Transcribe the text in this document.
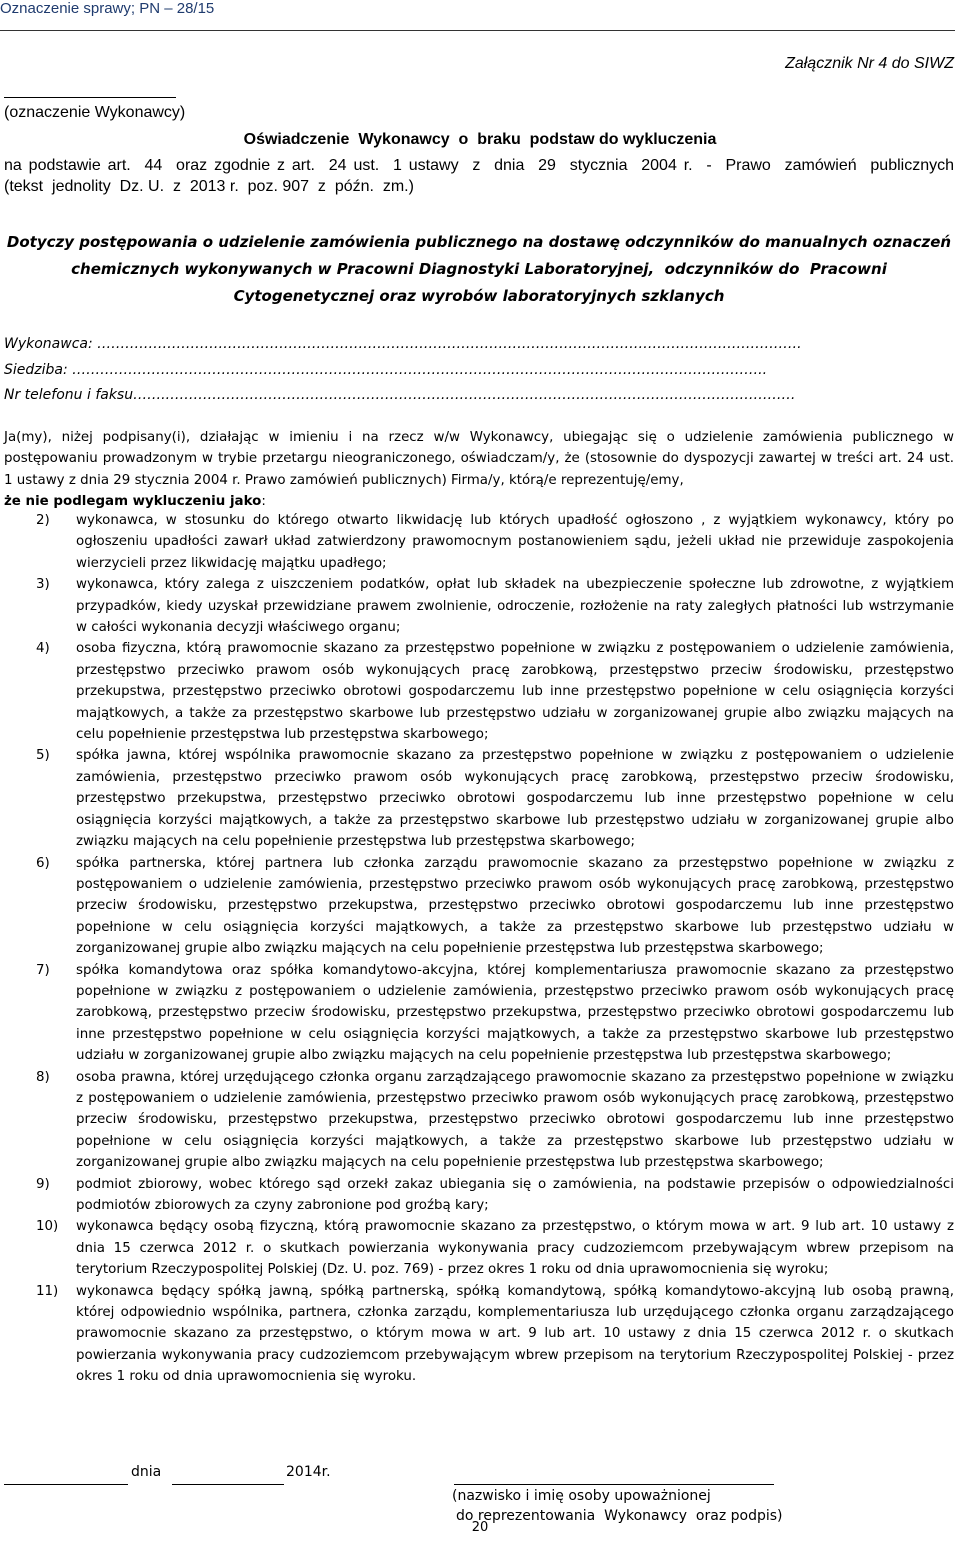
Oznaczenie sprawy; PN – 28/15
Załącznik Nr 4 do SIWZ
(oznaczenie Wykonawcy)
Oświadczenie  Wykonawcy  o  braku  podstaw do wykluczenia
na podstawie art.  44  oraz zgodnie z art.  24 ust.  1 ustawy  z  dnia  29  stycznia  2004 r.  -  Prawo  zamówień  publicznych
(tekst  jednolity  Dz. U.  z  2013 r.  poz. 907  z  późn.  zm.)
Dotyczy postępowania o udzielenie zamówienia publicznego na dostawę odczynników do manualnych oznaczeń
chemicznych wykonywanych w Pracowni Diagnostyki Laboratoryjnej,  odczynników do  Pracowni
Cytogenetycznej oraz wyrobów laboratoryjnych szklanych
Wykonawca: …………………………………………………………………………………………………………………………………….
Siedziba: …………………………………………………………………………………………………………………………………..
Nr telefonu i faksu…….………………………………………………………………………………………………………………………
Ja(my), niżej podpisany(i), działając w imieniu i na rzecz w/w Wykonawcy, ubiegając się o udzielenie zamówienia publicznego w postępowaniu prowadzonym w trybie przetargu nieograniczonego, oświadczam/y, że (stosownie do dyspozycji zawartej w treści art. 24 ust. 1 ustawy z dnia 29 stycznia 2004 r. Prawo zamówień publicznych) Firma/y, którą/e reprezentuję/emy,
że nie podlegam wykluczeniu jako:
2)	wykonawca, w stosunku do którego otwarto likwidację lub których upadłość ogłoszono , z wyjątkiem wykonawcy, który po ogłoszeniu upadłości zawarł układ zatwierdzony prawomocnym postanowieniem sądu, jeżeli układ nie przewiduje zaspokojenia wierzycieli przez likwidację majątku upadłego;
3)	wykonawca, który zalega z uiszczeniem podatków, opłat lub składek na ubezpieczenie społeczne lub zdrowotne, z wyjątkiem przypadków, kiedy uzyskał przewidziane prawem zwolnienie, odroczenie, rozłożenie na raty zaległych płatności lub wstrzymanie w całości wykonania decyzji właściwego organu;
4)	osoba fizyczna, którą prawomocnie skazano za przestępstwo popełnione w związku z postępowaniem o udzielenie zamówienia, przestępstwo przeciwko prawom osób wykonujących pracę zarobkową, przestępstwo przeciw środowisku, przestępstwo przekupstwa, przestępstwo przeciwko obrotowi gospodarczemu lub inne przestępstwo popełnione w celu osiągnięcia korzyści majątkowych, a także za przestępstwo skarbowe lub przestępstwo udziału w zorganizowanej grupie albo związku mających na celu popełnienie przestępstwa lub przestępstwa skarbowego;
5)	spółka jawna, której wspólnika prawomocnie skazano za przestępstwo popełnione w związku z postępowaniem o udzielenie zamówienia, przestępstwo przeciwko prawom osób wykonujących pracę zarobkową, przestępstwo przeciw środowisku, przestępstwo przekupstwa, przestępstwo przeciwko obrotowi gospodarczemu lub inne przestępstwo popełnione w celu osiągnięcia korzyści majątkowych, a także za przestępstwo skarbowe lub przestępstwo udziału w zorganizowanej grupie albo związku mających na celu popełnienie przestępstwa lub przestępstwa skarbowego;
6)	spółka partnerska, której partnera lub członka zarządu prawomocnie skazano za przestępstwo popełnione w związku z postępowaniem o udzielenie zamówienia, przestępstwo przeciwko prawom osób wykonujących pracę zarobkową, przestępstwo przeciw środowisku, przestępstwo przekupstwa, przestępstwo przeciwko obrotowi gospodarczemu lub inne przestępstwo popełnione w celu osiągnięcia korzyści majątkowych, a także za przestępstwo skarbowe lub przestępstwo udziału w zorganizowanej grupie albo związku mających na celu popełnienie przestępstwa lub przestępstwa skarbowego;
7)	spółka komandytowa oraz spółka komandytowo-akcyjna, której komplementariusza prawomocnie skazano za przestępstwo popełnione w związku z postępowaniem o udzielenie zamówienia, przestępstwo przeciwko prawom osób wykonujących pracę zarobkową, przestępstwo przeciw środowisku, przestępstwo przekupstwa, przestępstwo przeciwko obrotowi gospodarczemu lub inne przestępstwo popełnione w celu osiągnięcia korzyści majątkowych, a także za przestępstwo skarbowe lub przestępstwo udziału w zorganizowanej grupie albo związku mających na celu popełnienie przestępstwa lub przestępstwa skarbowego;
8)	osoba prawna, której urzędującego członka organu zarządzającego prawomocnie skazano za przestępstwo popełnione w związku z postępowaniem o udzielenie zamówienia, przestępstwo przeciwko prawom osób wykonujących pracę zarobkową, przestępstwo przeciw środowisku, przestępstwo przekupstwa, przestępstwo przeciwko obrotowi gospodarczemu lub inne przestępstwo popełnione w celu osiągnięcia korzyści majątkowych, a także za przestępstwo skarbowe lub przestępstwo udziału w zorganizowanej grupie albo związku mających na celu popełnienie przestępstwa lub przestępstwa skarbowego;
9)	podmiot zbiorowy, wobec którego sąd orzekł zakaz ubiegania się o zamówienia, na podstawie przepisów o odpowiedzialności podmiotów zbiorowych za czyny zabronione pod groźbą kary;
10)	wykonawca będący osobą fizyczną, którą prawomocnie skazano za przestępstwo, o którym mowa w art. 9 lub art. 10 ustawy z dnia 15 czerwca 2012 r. o skutkach powierzania wykonywania pracy cudzoziemcom przebywającym wbrew przepisom na terytorium Rzeczypospolitej Polskiej (Dz. U. poz. 769) - przez okres 1 roku od dnia uprawomocnienia się wyroku;
11)	wykonawca będący spółką jawną, spółką partnerską, spółką komandytową, spółką komandytowo-akcyjną lub osobą prawną, której odpowiednio wspólnika, partnera, członka zarządu, komplementariusza lub urzędującego członka organu zarządzającego prawomocnie skazano za przestępstwo, o którym mowa w art. 9 lub art. 10 ustawy z dnia 15 czerwca 2012 r. o skutkach powierzania wykonywania pracy cudzoziemcom przebywającym wbrew przepisom na terytorium Rzeczypospolitej Polskiej - przez okres 1 roku od dnia uprawomocnienia się wyroku.
dnia	2014r.
(nazwisko i imię osoby upoważnionej
do reprezentowania  Wykonawcy  oraz podpis)
20
